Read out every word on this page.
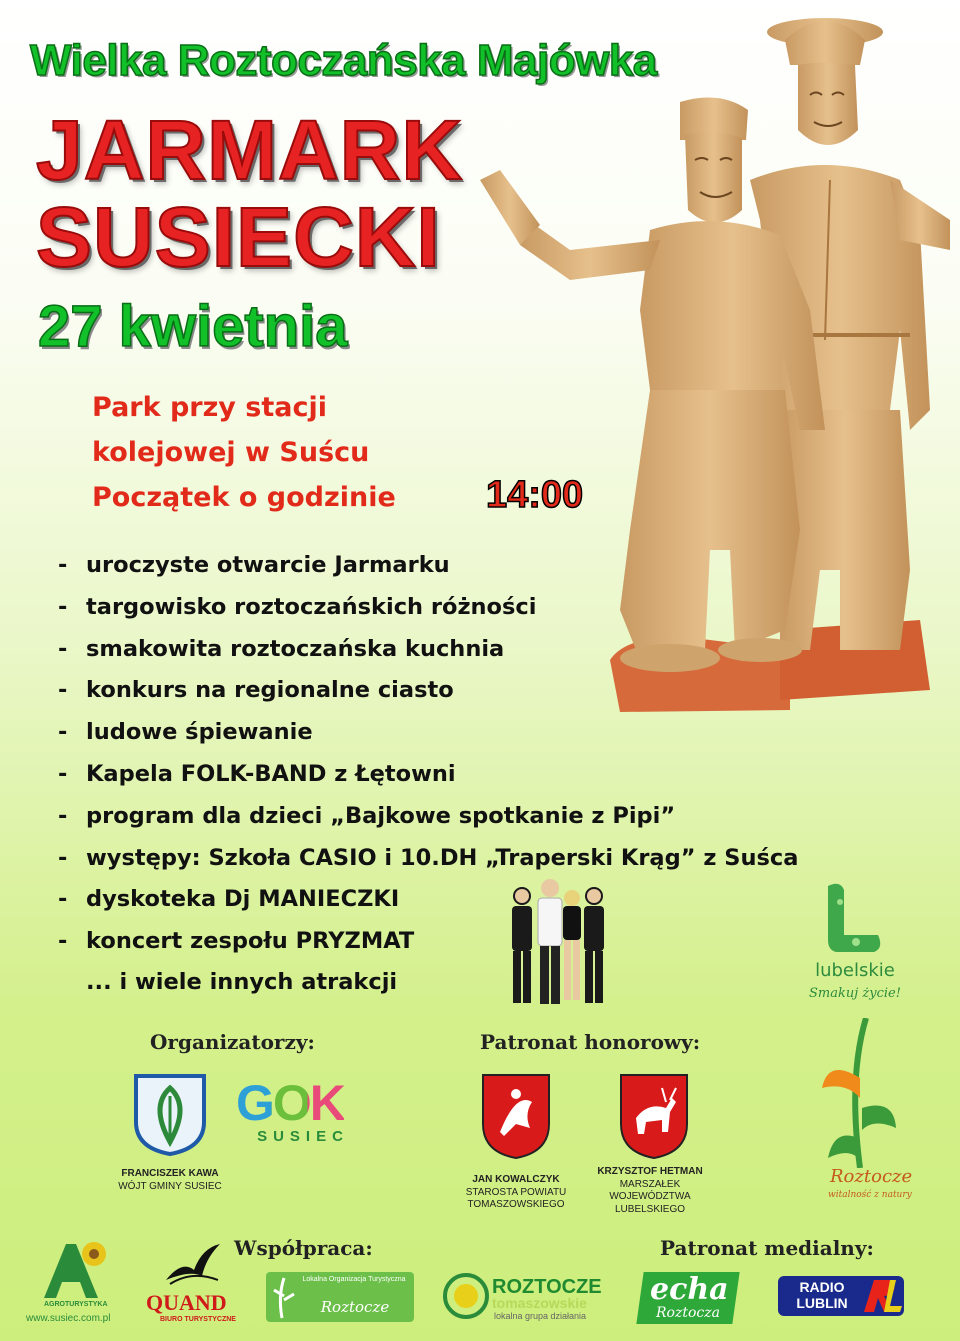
Wielka Roztoczańska Majówka
JARMARK
SUSIECKI
27 kwietnia
Park przy stacji
kolejowej w Suścu
Początek o godzinie 14:00
- uroczyste otwarcie Jarmarku
- targowisko roztoczańskich różności
- smakowita roztoczańska kuchnia
- konkurs na regionalne ciasto
- ludowe śpiewanie
- Kapela FOLK-BAND z Łętowni
- program dla dzieci „Bajkowe spotkanie z Pipi”
- występy: Szkoła CASIO i 10.DH „Traperski Krąg” z Suśca
- dyskoteka Dj MANIECZKI
- koncert zespołu PRYZMAT
... i wiele innych atrakcji	lubelskie
Smakuj życie!
Organizatorzy:
FRANCISZEK KAWA
WÓJT GMINY SUSIEC
GOK
SUSIEC
Patronat honorowy:
JAN KOWALCZYK
STAROSTA POWIATU
TOMASZOWSKIEGO
KRZYSZTOF HETMAN
MARSZAŁEK
WOJEWÓDZTWA
LUBELSKIEGO
Roztocze
witalność z natury
Współpraca:
AGROTURYSTYKA
www.susiec.com.pl
QUAND
BIURO TURYSTYCZNE
Lokalna Organizacja Turystyczna
Roztocze
ROZTOCZE
tomaszowskie
lokalna grupa działania
Patronat medialny:
echa
Roztocza
RADIO
LUBLIN
